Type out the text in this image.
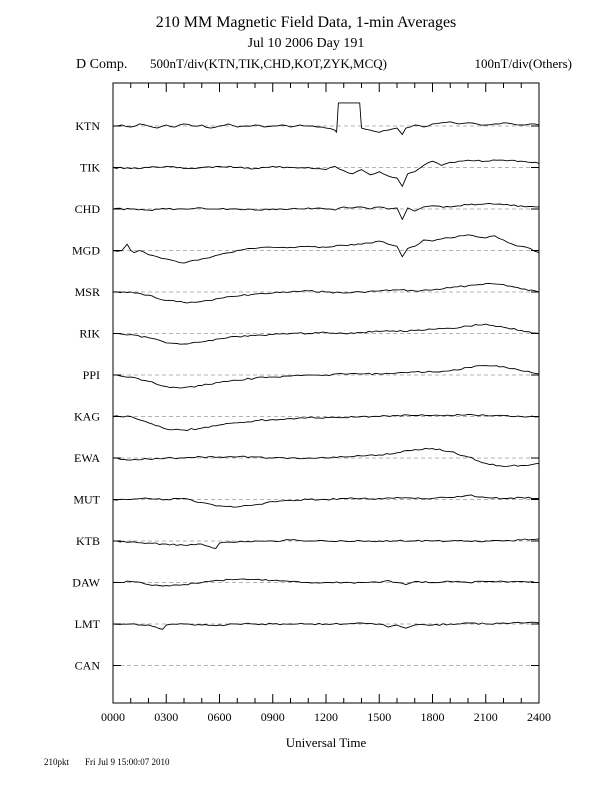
210 MM Magnetic Field Data, 1-min Averages
Jul 10 2006 Day 191
D Comp. 500nT/div(KTN,TIK,CHD,KOT,ZYK,MCQ)	100nT/div(Others)
0000 0300 0600 0900 1200 1500 1800 2100 2400
KTN
TIK
CHD
MGD
MSR
RIK
PPI
KAG
EWA
MUT
KTB
DAW
LMT
CAN
Universal Time
210pkt Fri Jul 9 15:00:07 2010
